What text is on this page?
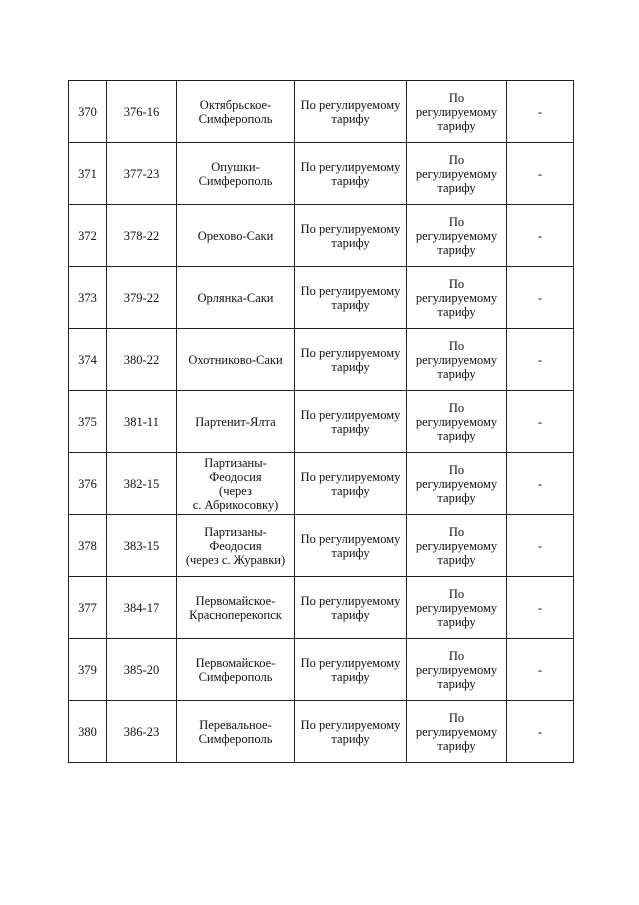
370	376-16	Октябрьское-
Симферополь	По регулируемому
тарифу	По
регулируемому
тарифу	-

371	377-23	Опушки-
Симферополь	По регулируемому
тарифу	По
регулируемому
тарифу	-

372	378-22	Орехово-Саки	По регулируемому
тарифу	По
регулируемому
тарифу	-

373	379-22	Орлянка-Саки	По регулируемому
тарифу	По
регулируемому
тарифу	-

374	380-22	Охотниково-Саки	По регулируемому
тарифу	По
регулируемому
тарифу	-

375	381-11	Партенит-Ялта	По регулируемому
тарифу	По
регулируемому
тарифу	-

376	382-15	Партизаны-Феодосия
(через
с. Абрикосовку)	По регулируемому
тарифу	По
регулируемому
тарифу	-

378	383-15	Партизаны-Феодосия
(через с. Журавки)	По регулируемому
тарифу	По
регулируемому
тарифу	-

377	384-17	Первомайское-
Красноперекопск	По регулируемому
тарифу	По
регулируемому
тарифу	-

379	385-20	Первомайское-
Симферополь	По регулируемому
тарифу	По
регулируемому
тарифу	-

380	386-23	Перевальное-
Симферополь	По регулируемому
тарифу	По
регулируемому
тарифу	-
